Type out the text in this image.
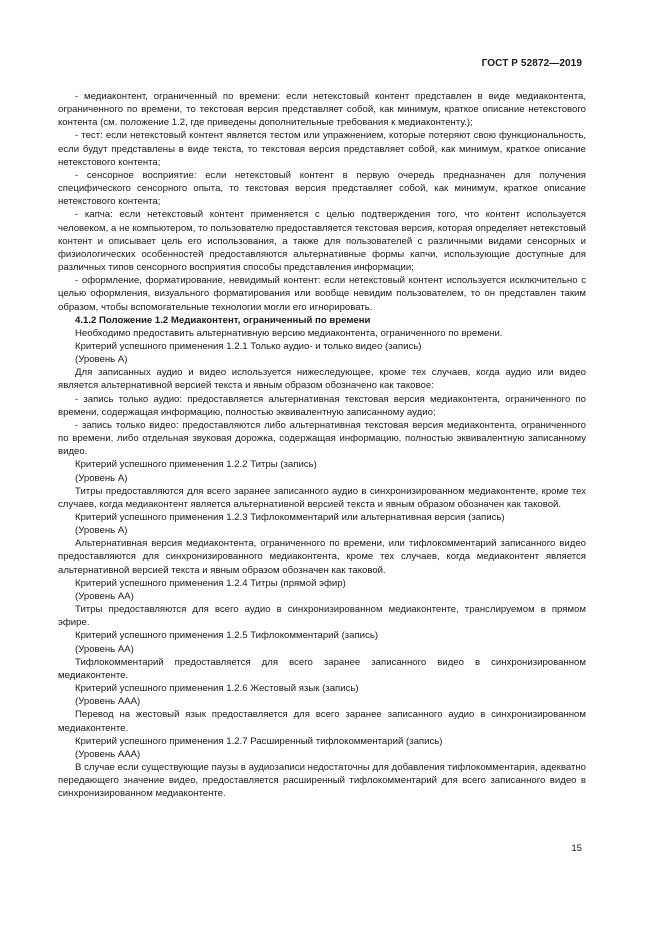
ГОСТ Р 52872—2019

- медиаконтент, ограниченный по времени: если нетекстовый контент представлен в виде медиаконтента, ограниченного по времени, то текстовая версия представляет собой, как минимум, краткое описание нетекстового контента (см. положение 1.2, где приведены дополнительные требования к медиаконтенту.);

- тест: если нетекстовый контент является тестом или упражнением, которые потеряют свою функциональность, если будут представлены в виде текста, то текстовая версия представляет собой, как минимум, краткое описание нетекстового контента;

- сенсорное восприятие: если нетекстовый контент в первую очередь предназначен для получения специфического сенсорного опыта, то текстовая версия представляет собой, как минимум, краткое описание нетекстового контента;

- капча: если нетекстовый контент применяется с целью подтверждения того, что контент используется человеком, а не компьютером, то пользователю предоставляется текстовая версия, которая определяет нетекстовый контент и описывает цель его использования, а также для пользователей с различными видами сенсорных и физиологических особенностей предоставляются альтернативные формы капчи, использующие доступные для различных типов сенсорного восприятия способы представления информации;

- оформление, форматирование, невидимый контент: если нетекстовый контент используется исключительно с целью оформления, визуального форматирования или вообще невидим пользователем, то он представлен таким образом, чтобы вспомогательные технологии могли его игнорировать.

4.1.2 Положение 1.2 Медиаконтент, ограниченный по времени

Необходимо предоставить альтернативную версию медиаконтента, ограниченного по времени.

Критерий успешного применения 1.2.1 Только аудио- и только видео (запись)

(Уровень А)

Для записанных аудио и видео используется нижеследующее, кроме тех случаев, когда аудио или видео является альтернативной версией текста и явным образом обозначено как таковое:

- запись только аудио: предоставляется альтернативная текстовая версия медиаконтента, ограниченного по времени, содержащая информацию, полностью эквивалентную записанному аудио;

- запись только видео: предоставляются либо альтернативная текстовая версия медиаконтента, ограниченного по времени, либо отдельная звуковая дорожка, содержащая информацию, полностью эквивалентную записанному видео.

Критерий успешного применения 1.2.2 Титры (запись)

(Уровень А)

Титры предоставляются для всего заранее записанного аудио в синхронизированном медиаконтенте, кроме тех случаев, когда медиаконтент является альтернативной версией текста и явным образом обозначен как таковой.

Критерий успешного применения 1.2.3 Тифлокомментарий или альтернативная версия (запись)

(Уровень А)

Альтернативная версия медиаконтента, ограниченного по времени, или тифлокомментарий записанного видео предоставляются для синхронизированного медиаконтента, кроме тех случаев, когда медиаконтент является альтернативной версией текста и явным образом обозначен как таковой.

Критерий успешного применения 1.2.4 Титры (прямой эфир)

(Уровень АА)

Титры предоставляются для всего аудио в синхронизированном медиаконтенте, транслируемом в прямом эфире.

Критерий успешного применения 1.2.5 Тифлокомментарий (запись)

(Уровень АА)

Тифлокомментарий предоставляется для всего заранее записанного видео в синхронизированном медиаконтенте.

Критерий успешного применения 1.2.6 Жестовый язык (запись)

(Уровень ААА)

Перевод на жестовый язык предоставляется для всего заранее записанного аудио в синхронизированном медиаконтенте.

Критерий успешного применения 1.2.7 Расширенный тифлокомментарий (запись)

(Уровень ААА)

В случае если существующие паузы в аудиозаписи недостаточны для добавления тифлокомментария, адекватно передающего значение видео, предоставляется расширенный тифлокомментарий для всего записанного видео в синхронизированном медиаконтенте.

15
